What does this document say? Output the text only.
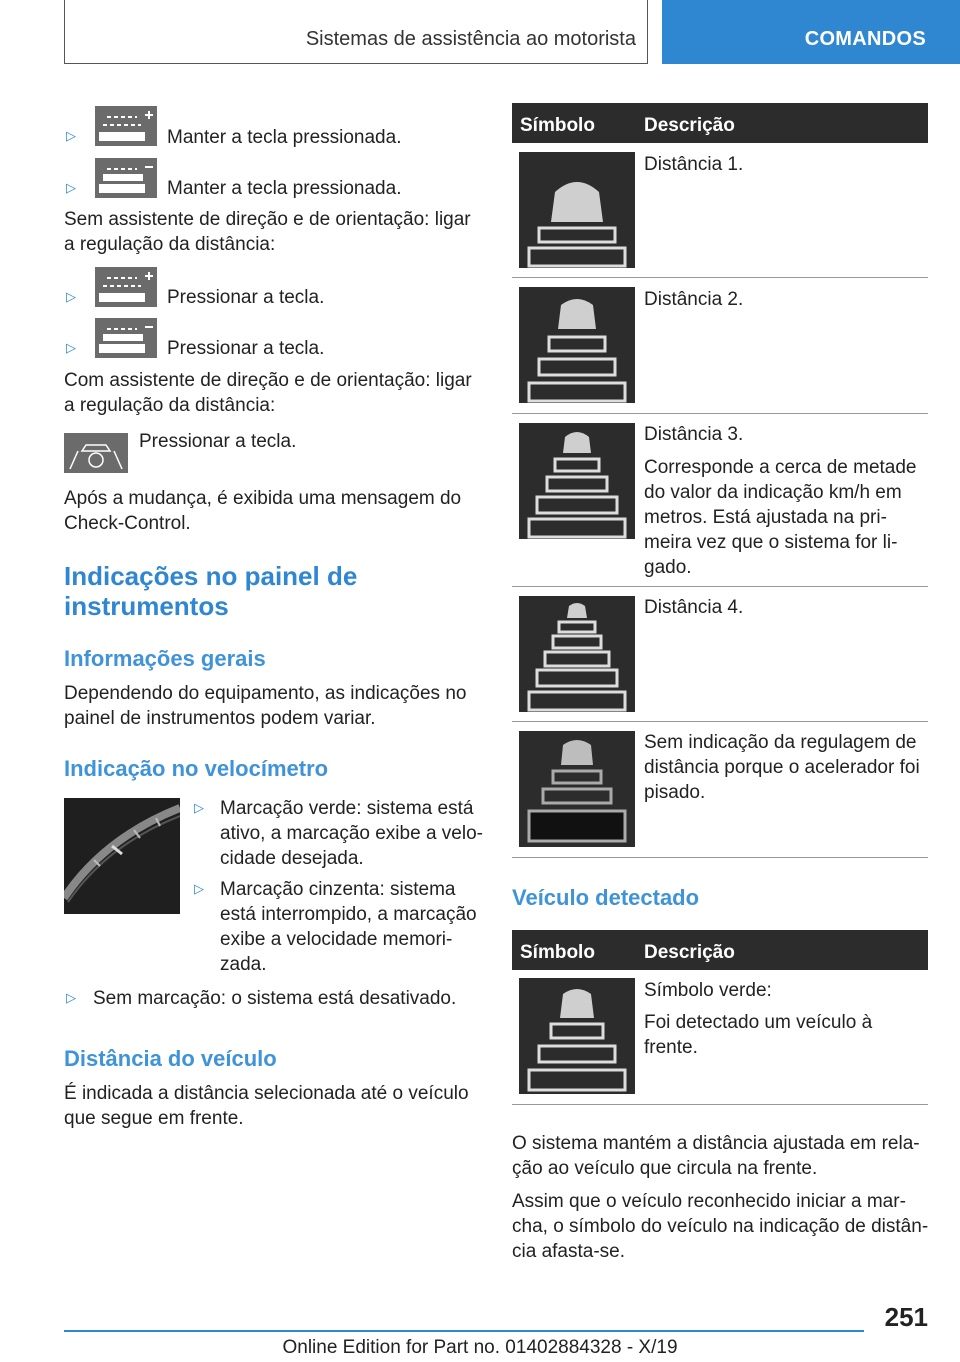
Sistemas de assistência ao motorista	COMANDOS
▷	Manter a tecla pressionada.
▷	Manter a tecla pressionada.
Sem assistente de direção e de orientação: ligar
a regulação da distância:
▷	Pressionar a tecla.
▷	Pressionar a tecla.
Com assistente de direção e de orientação: ligar
a regulação da distância:
Pressionar a tecla.
Após a mudança, é exibida uma mensagem do
Check-Control.
Indicações no painel de
instrumentos
Informações gerais
Dependendo do equipamento, as indicações no
painel de instrumentos podem variar.
Indicação no velocímetro
▷ Marcação verde: sistema está
ativo, a marcação exibe a velo-
cidade desejada.
▷ Marcação cinzenta: sistema
está interrompido, a marcação
exibe a velocidade memori-
zada.
▷ Sem marcação: o sistema está desativado.
Distância do veículo
É indicada a distância selecionada até o veículo
que segue em frente.
Símbolo	Descrição
Distância 1.
Distância 2.
Distância 3.
Corresponde a cerca de metade
do valor da indicação km/h em
metros. Está ajustada na pri-
meira vez que o sistema for li-
gado.
Distância 4.
Sem indicação da regulagem de
distância porque o acelerador foi
pisado.
Veículo detectado
Símbolo	Descrição
Símbolo verde:
Foi detectado um veículo à
frente.
O sistema mantém a distância ajustada em rela-
ção ao veículo que circula na frente.
Assim que o veículo reconhecido iniciar a mar-
cha, o símbolo do veículo na indicação de distân-
cia afasta-se.
251
Online Edition for Part no. 01402884328 - X/19
